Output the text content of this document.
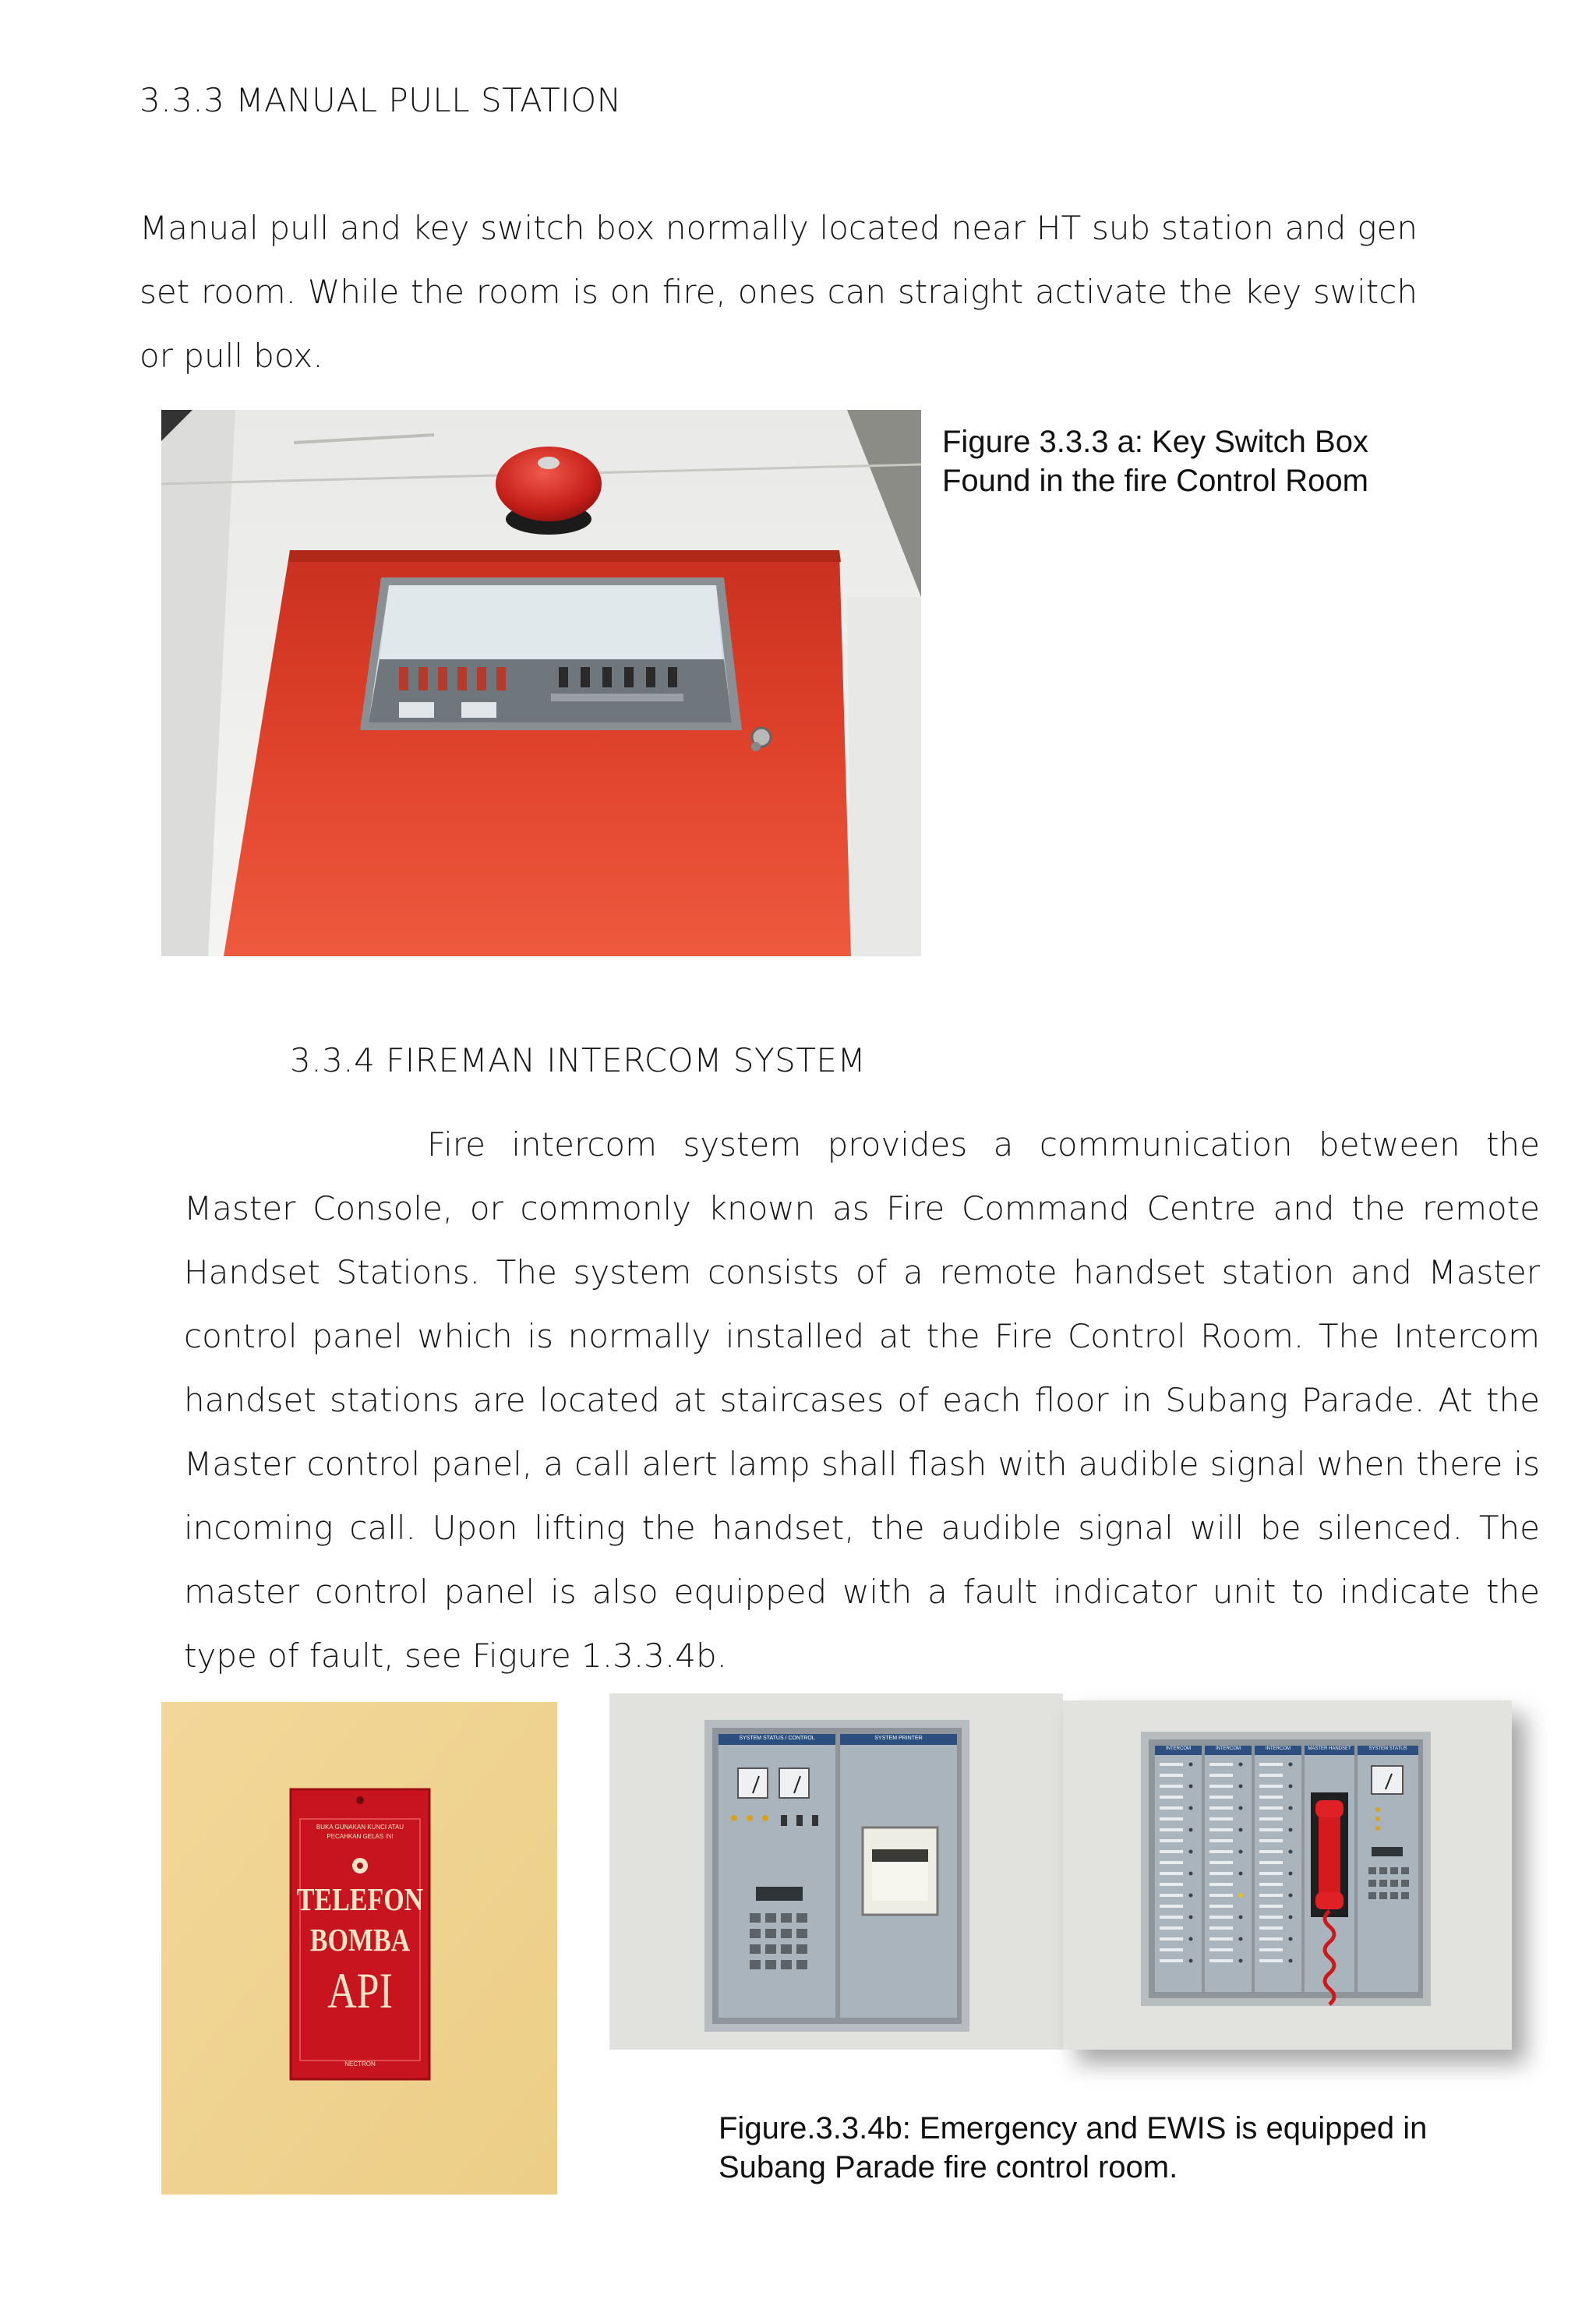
3.3.3 MANUAL PULL STATION

Manual pull and key switch box normally located near HT sub station and gen set room. While the room is on fire, ones can straight activate the key switch or pull box.

Figure 3.3.3 a: Key Switch Box
Found in the fire Control Room
3.3.4 FIREMAN INTERCOM SYSTEM

Fire intercom system provides a communication between the Master Console, or commonly known as Fire Command Centre and the remote Handset Stations. The system consists of a remote handset station and Master control panel which is normally installed at the Fire Control Room. The Intercom handset stations are located at staircases of each floor in Subang Parade. At the Master control panel, a call alert lamp shall flash with audible signal when there is incoming call. Upon lifting the handset, the audible signal will be silenced. The master control panel is also equipped with a fault indicator unit to indicate the type of fault, see Figure 1.3.3.4b.

BUKA GUNAKAN KUNCI ATAU
PECAHKAN GELAS INI
TELEFON
BOMBA
API
NECTRON
SYSTEM STATUS / CONTROL	SYSTEM PRINTER
INTERCOM	INTERCOM	INTERCOM	MASTER HANDSET	SYSTEM STATUS
Figure.3.3.4b: Emergency and EWIS is equipped in
Subang Parade fire control room.
